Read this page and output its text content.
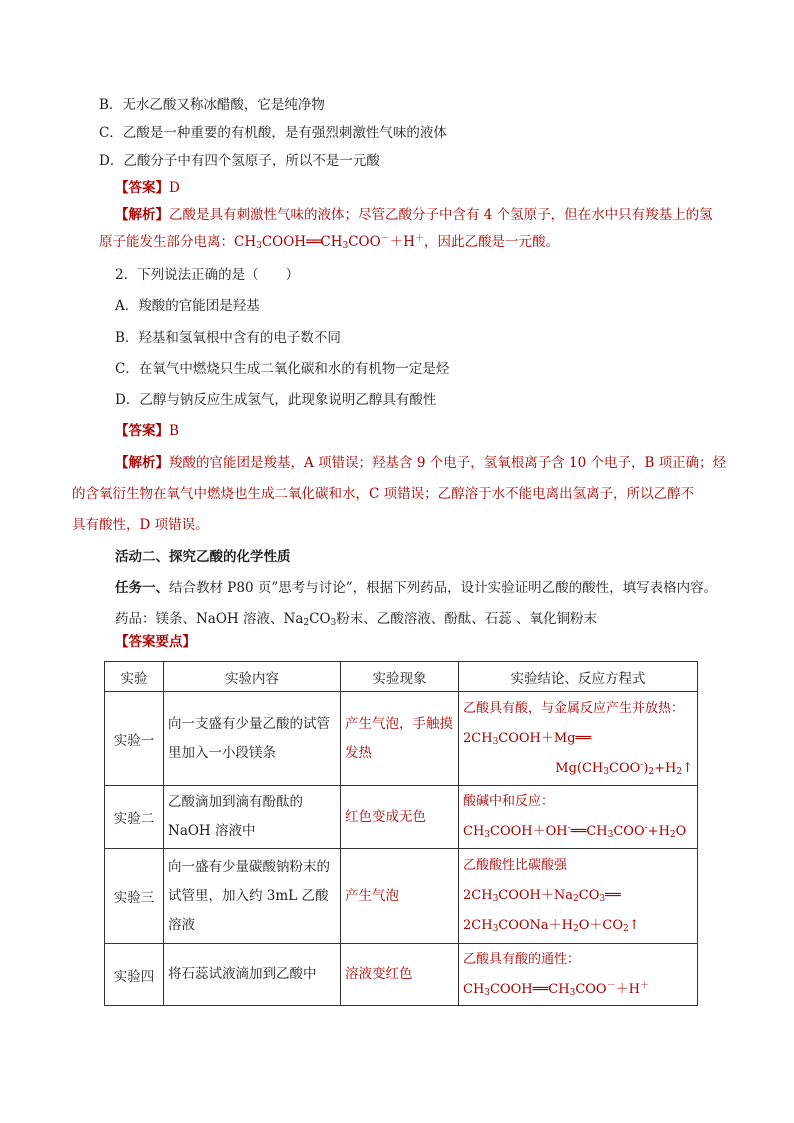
B．无水乙酸又称冰醋酸，它是纯净物
C．乙酸是一种重要的有机酸，是有强烈刺激性气味的液体
D．乙酸分子中有四个氢原子，所以不是一元酸
【答案】D
【解析】乙酸是具有刺激性气味的液体；尽管乙酸分子中含有 4 个氢原子，但在水中只有羧基上的氢
原子能发生部分电离：$CH_3COOH══CH_3COO^-+H^+$，因此乙酸是一元酸。
2．下列说法正确的是（　　）
A．羧酸的官能团是羟基
B．羟基和氢氧根中含有的电子数不同
C．在氧气中燃烧只生成二氧化碳和水的有机物一定是烃
D．乙醇与钠反应生成氢气，此现象说明乙醇具有酸性
【答案】B
【解析】羧酸的官能团是羧基，A 项错误；羟基含 9 个电子，氢氧根离子含 10 个电子，B 项正确；烃
的含氧衍生物在氧气中燃烧也生成二氧化碳和水，C 项错误；乙醇溶于水不能电离出氢离子，所以乙醇不
具有酸性，D 项错误。
活动二、探究乙酸的化学性质
任务一、结合教材 P80 页”思考与讨论”，根据下列药品，设计实验证明乙酸的酸性，填写表格内容。
药品：镁条、NaOH 溶液、$Na_2CO_3$粉末、乙酸溶液、酚酞、石蕊 、氧化铜粉末
【答案要点】
实验	实验内容	实验现象	实验结论、反应方程式
实验一	向一支盛有少量乙酸的试管里加入一小段镁条	产生气泡，手触摸发热	乙酸具有酸，与金属反应产生并放热：
$2CH_3COOH+Mg══$
$Mg(CH_3COO^-)_2+H_2↑$

实验二	乙酸滴加到滴有酚酞的NaOH 溶液中	红色变成无色	酸碱中和反应：
$CH_3COOH+OH^-══CH_3COO^-+H_2O$

实验三	向一盛有少量碳酸钠粉末的试管里，加入约 3mL 乙酸溶液	产生气泡	乙酸酸性比碳酸强
$2CH_3COOH+Na_2CO_3══$
$2CH_3COONa+H_2O+CO_2↑$

实验四	将石蕊试液滴加到乙酸中	溶液变红色	乙酸具有酸的通性：
$CH_3COOH══CH_3COO^-+H^+$
